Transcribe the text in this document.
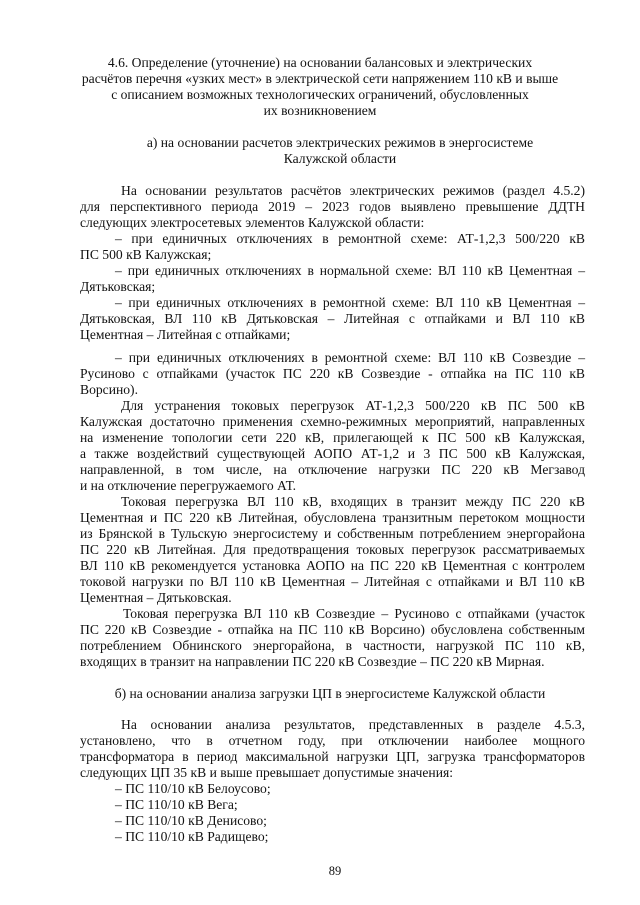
4.6. Определение (уточнение) на основании балансовых и электрических
расчётов перечня «узких мест» в электрической сети напряжением 110 кВ и выше
с описанием возможных технологических ограничений, обусловленных
их возникновением
а) на основании расчетов электрических режимов в энергосистеме
Калужской области
На основании результатов расчётов электрических режимов (раздел 4.5.2)
для перспективного периода 2019 – 2023 годов выявлено превышение ДДТН
следующих электросетевых элементов Калужской области:
– при единичных отключениях в ремонтной схеме: АТ-1,2,3 500/220 кВ
ПС 500 кВ Калужская;
– при единичных отключениях в нормальной схеме: ВЛ 110 кВ Цементная –
Дятьковская;
– при единичных отключениях в ремонтной схеме: ВЛ 110 кВ Цементная –
Дятьковская, ВЛ 110 кВ Дятьковская – Литейная с отпайками и ВЛ 110 кВ
Цементная – Литейная с отпайками;
– при единичных отключениях в ремонтной схеме: ВЛ 110 кВ Созвездие –
Русиново с отпайками (участок ПС 220 кВ Созвездие - отпайка на ПС 110 кВ
Ворсино).
Для устранения токовых перегрузок АТ-1,2,3 500/220 кВ ПС 500 кВ
Калужская достаточно применения схемно-режимных мероприятий, направленных
на изменение топологии сети 220 кВ, прилегающей к ПС 500 кВ Калужская,
а также воздействий существующей АОПО АТ-1,2 и 3 ПС 500 кВ Калужская,
направленной, в том числе, на отключение нагрузки ПС 220 кВ Мегзавод
и на отключение перегружаемого АТ.
Токовая перегрузка ВЛ 110 кВ, входящих в транзит между ПС 220 кВ
Цементная и ПС 220 кВ Литейная, обусловлена транзитным перетоком мощности
из Брянской в Тульскую энергосистему и собственным потреблением энергорайона
ПС 220 кВ Литейная. Для предотвращения токовых перегрузок рассматриваемых
ВЛ 110 кВ рекомендуется установка АОПО на ПС 220 кВ Цементная с контролем
токовой нагрузки по ВЛ 110 кВ Цементная – Литейная с отпайками и ВЛ 110 кВ
Цементная – Дятьковская.
Токовая перегрузка ВЛ 110 кВ Созвездие – Русиново с отпайками (участок
ПС 220 кВ Созвездие - отпайка на ПС 110 кВ Ворсино) обусловлена собственным
потреблением Обнинского энергорайона, в частности, нагрузкой ПС 110 кВ,
входящих в транзит на направлении ПС 220 кВ Созвездие – ПС 220 кВ Мирная.
б) на основании анализа загрузки ЦП в энергосистеме Калужской области
На основании анализа результатов, представленных в разделе 4.5.3,
установлено, что в отчетном году, при отключении наиболее мощного
трансформатора в период максимальной нагрузки ЦП, загрузка трансформаторов
следующих ЦП 35 кВ и выше превышает допустимые значения:
– ПС 110/10 кВ Белоусово;
– ПС 110/10 кВ Вега;
– ПС 110/10 кВ Денисово;
– ПС 110/10 кВ Радищево;
89
